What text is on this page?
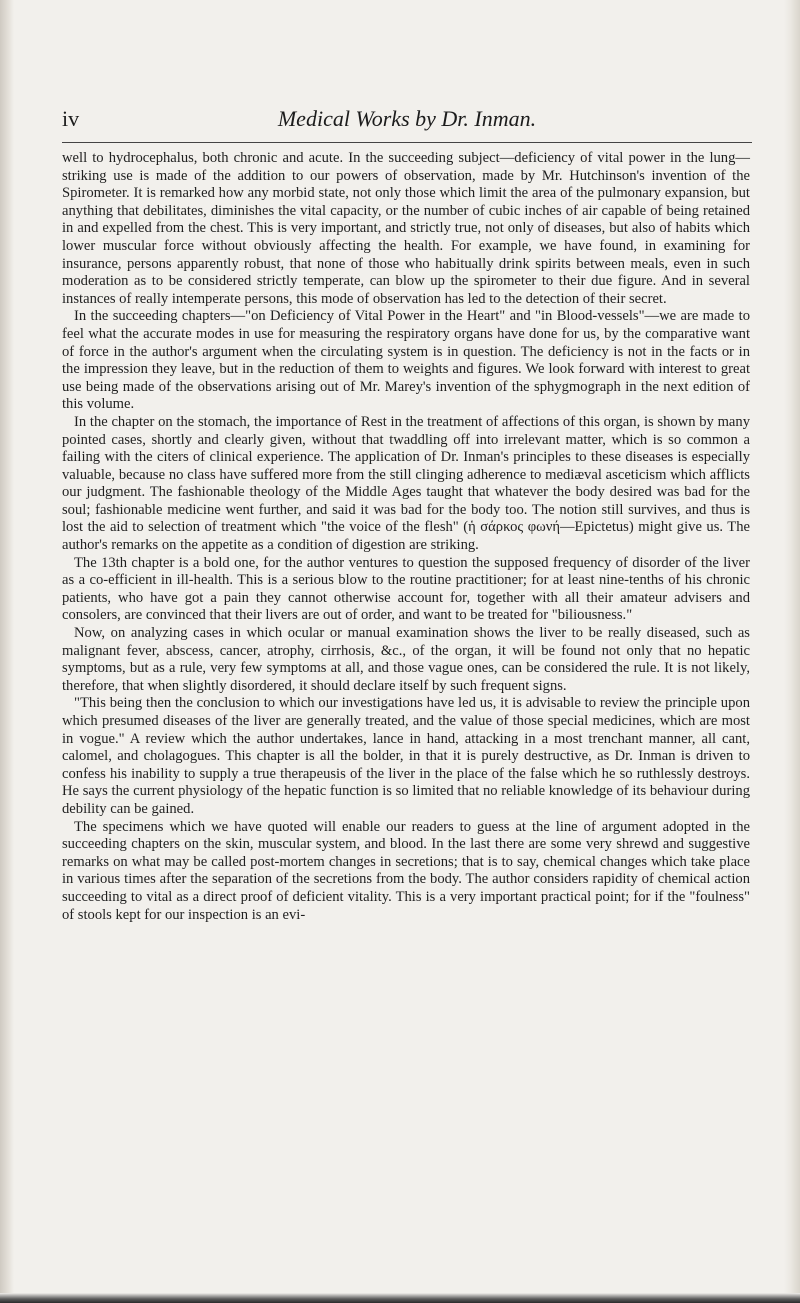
iv	Medical Works by Dr. Inman.

well to hydrocephalus, both chronic and acute. In the succeeding subject—deficiency of vital power in the lung—striking use is made of the addition to our powers of observation, made by Mr. Hutchinson's invention of the Spirometer. It is remarked how any morbid state, not only those which limit the area of the pulmonary expansion, but anything that debilitates, diminishes the vital capacity, or the number of cubic inches of air capable of being retained in and expelled from the chest. This is very important, and strictly true, not only of diseases, but also of habits which lower muscular force without obviously affecting the health. For example, we have found, in examining for insurance, persons apparently robust, that none of those who habitually drink spirits between meals, even in such moderation as to be considered strictly temperate, can blow up the spirometer to their due figure. And in several instances of really intemperate persons, this mode of observation has led to the detection of their secret.

In the succeeding chapters—"on Deficiency of Vital Power in the Heart" and "in Blood-vessels"—we are made to feel what the accurate modes in use for measuring the respiratory organs have done for us, by the comparative want of force in the author's argument when the circulating system is in question. The deficiency is not in the facts or in the impression they leave, but in the reduction of them to weights and figures. We look forward with interest to great use being made of the observations arising out of Mr. Marey's invention of the sphygmograph in the next edition of this volume.

In the chapter on the stomach, the importance of Rest in the treatment of affections of this organ, is shown by many pointed cases, shortly and clearly given, without that twaddling off into irrelevant matter, which is so common a failing with the citers of clinical experience. The application of Dr. Inman's principles to these diseases is especially valuable, because no class have suffered more from the still clinging adherence to mediæval asceticism which afflicts our judgment. The fashionable theology of the Middle Ages taught that whatever the body desired was bad for the soul; fashionable medicine went further, and said it was bad for the body too. The notion still survives, and thus is lost the aid to selection of treatment which "the voice of the flesh" (ἡ σάρκος φωνή—Epictetus) might give us. The author's remarks on the appetite as a condition of digestion are striking.

The 13th chapter is a bold one, for the author ventures to question the supposed frequency of disorder of the liver as a co-efficient in ill-health. This is a serious blow to the routine practitioner; for at least nine-tenths of his chronic patients, who have got a pain they cannot otherwise account for, together with all their amateur advisers and consolers, are convinced that their livers are out of order, and want to be treated for "biliousness."

Now, on analyzing cases in which ocular or manual examination shows the liver to be really diseased, such as malignant fever, abscess, cancer, atrophy, cirrhosis, &c., of the organ, it will be found not only that no hepatic symptoms, but as a rule, very few symptoms at all, and those vague ones, can be considered the rule. It is not likely, therefore, that when slightly disordered, it should declare itself by such frequent signs.

"This being then the conclusion to which our investigations have led us, it is advisable to review the principle upon which presumed diseases of the liver are generally treated, and the value of those special medicines, which are most in vogue." A review which the author undertakes, lance in hand, attacking in a most trenchant manner, all cant, calomel, and cholagogues. This chapter is all the bolder, in that it is purely destructive, as Dr. Inman is driven to confess his inability to supply a true therapeusis of the liver in the place of the false which he so ruthlessly destroys. He says the current physiology of the hepatic function is so limited that no reliable knowledge of its behaviour during debility can be gained.

The specimens which we have quoted will enable our readers to guess at the line of argument adopted in the succeeding chapters on the skin, muscular system, and blood. In the last there are some very shrewd and suggestive remarks on what may be called post-mortem changes in secretions; that is to say, chemical changes which take place in various times after the separation of the secretions from the body. The author considers rapidity of chemical action succeeding to vital as a direct proof of deficient vitality. This is a very important practical point; for if the "foulness" of stools kept for our inspection is an evi-
